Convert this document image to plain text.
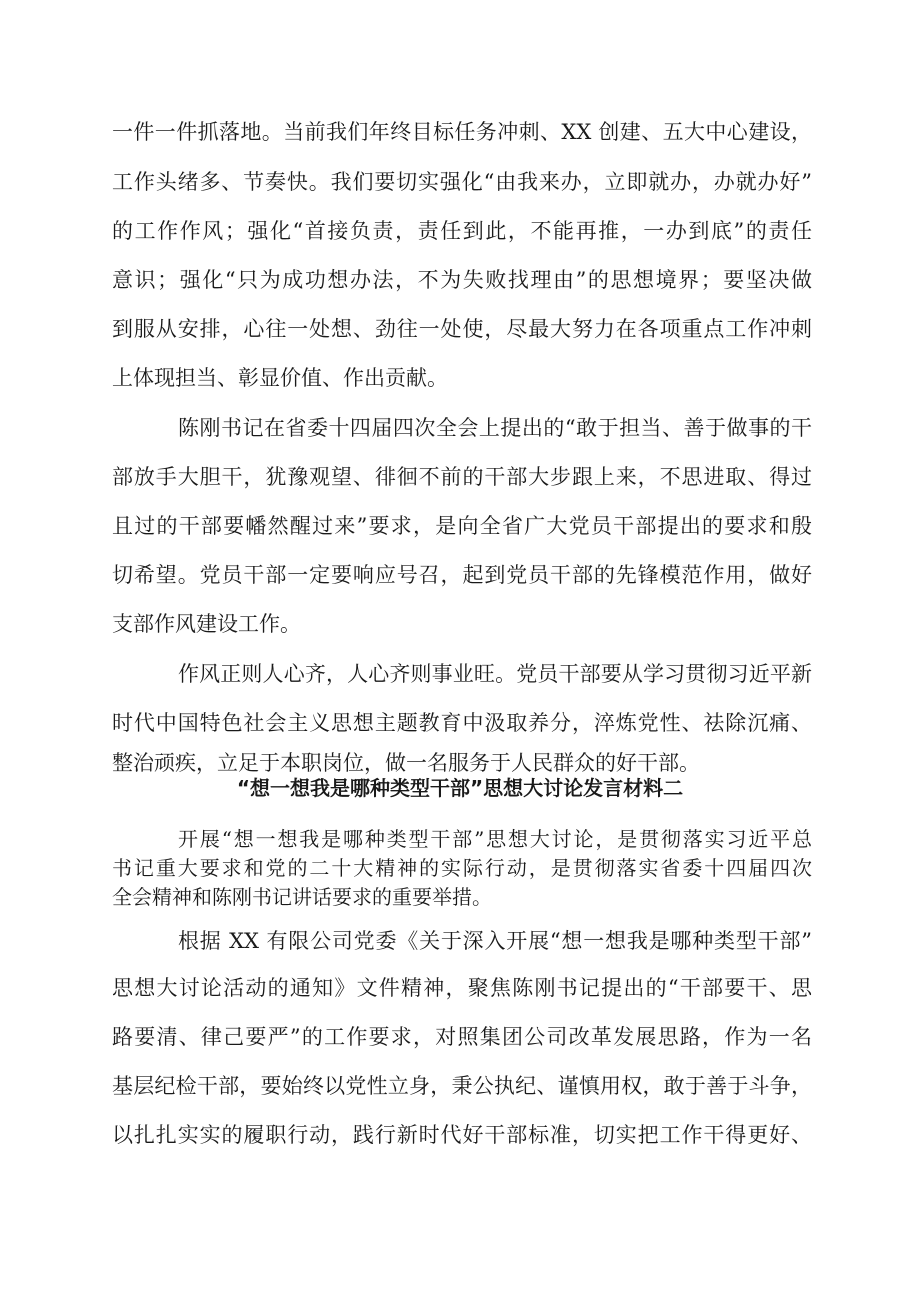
一件一件抓落地。当前我们年终目标任务冲刺、XX 创建、五大中心建设，
工作头绪多、节奏快。我们要切实强化“由我来办，立即就办，办就办好”
的工作作风；强化“首接负责，责任到此，不能再推，一办到底”的责任
意识；强化“只为成功想办法，不为失败找理由”的思想境界；要坚决做
到服从安排，心往一处想、劲往一处使，尽最大努力在各项重点工作冲刺
上体现担当、彰显价值、作出贡献。
陈刚书记在省委十四届四次全会上提出的“敢于担当、善于做事的干
部放手大胆干，犹豫观望、徘徊不前的干部大步跟上来，不思进取、得过
且过的干部要幡然醒过来”要求，是向全省广大党员干部提出的要求和殷
切希望。党员干部一定要响应号召，起到党员干部的先锋模范作用，做好
支部作风建设工作。
作风正则人心齐，人心齐则事业旺。党员干部要从学习贯彻习近平新
时代中国特色社会主义思想主题教育中汲取养分，淬炼党性、祛除沉痛、
整治顽疾，立足于本职岗位，做一名服务于人民群众的好干部。
“想一想我是哪种类型干部”思想大讨论发言材料二
开展“想一想我是哪种类型干部”思想大讨论，是贯彻落实习近平总
书记重大要求和党的二十大精神的实际行动，是贯彻落实省委十四届四次
全会精神和陈刚书记讲话要求的重要举措。
根据 XX 有限公司党委《关于深入开展“想一想我是哪种类型干部”
思想大讨论活动的通知》文件精神，聚焦陈刚书记提出的“干部要干、思
路要清、律己要严”的工作要求，对照集团公司改革发展思路，作为一名
基层纪检干部，要始终以党性立身，秉公执纪、谨慎用权，敢于善于斗争，
以扎扎实实的履职行动，践行新时代好干部标准，切实把工作干得更好、
